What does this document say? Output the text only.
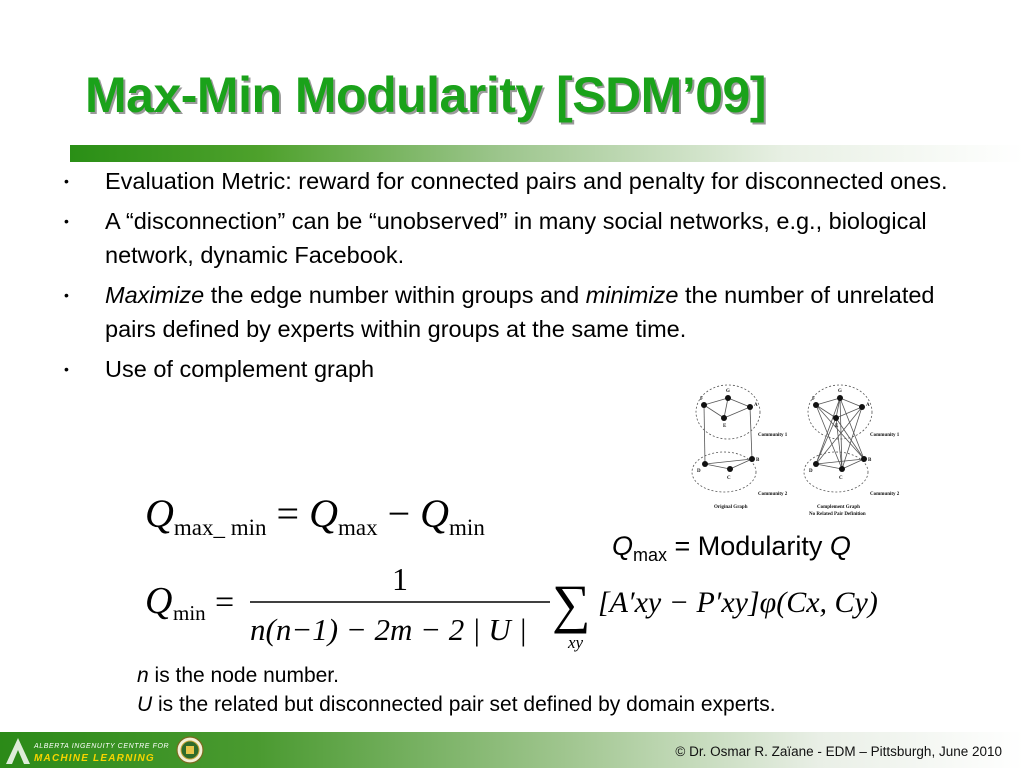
Max-Min Modularity [SDM’09]
• Evaluation Metric: reward for connected pairs and penalty for disconnected ones.
• A “disconnection” can be “unobserved” in many social networks, e.g., biological network, dynamic Facebook.
• Maximize the edge number within groups and minimize the number of unrelated pairs defined by experts within groups at the same time.
• Use of complement graph
G
F
A
E
B
D
C
Community 1
Community 2
Original Graph
G
F
A
E
B
D
C
Community 1
Community 2
Complement Graph
No Related Pair Definition
$Q_{max\_ min} = Q_{max} - Q_{min}$
$Q_{max}$ = Modularity Q
Q min =
1
n(n−1) − 2m − 2 | U | ∑
xy
[A′xy − P′xy]φ(Cx, Cy)
n is the node number.
U is the related but disconnected pair set defined by domain experts.
ALBERTA INGENUITY CENTRE FOR
MACHINE LEARNING	© Dr. Osmar R. Zaïane - EDM – Pittsburgh, June 2010
